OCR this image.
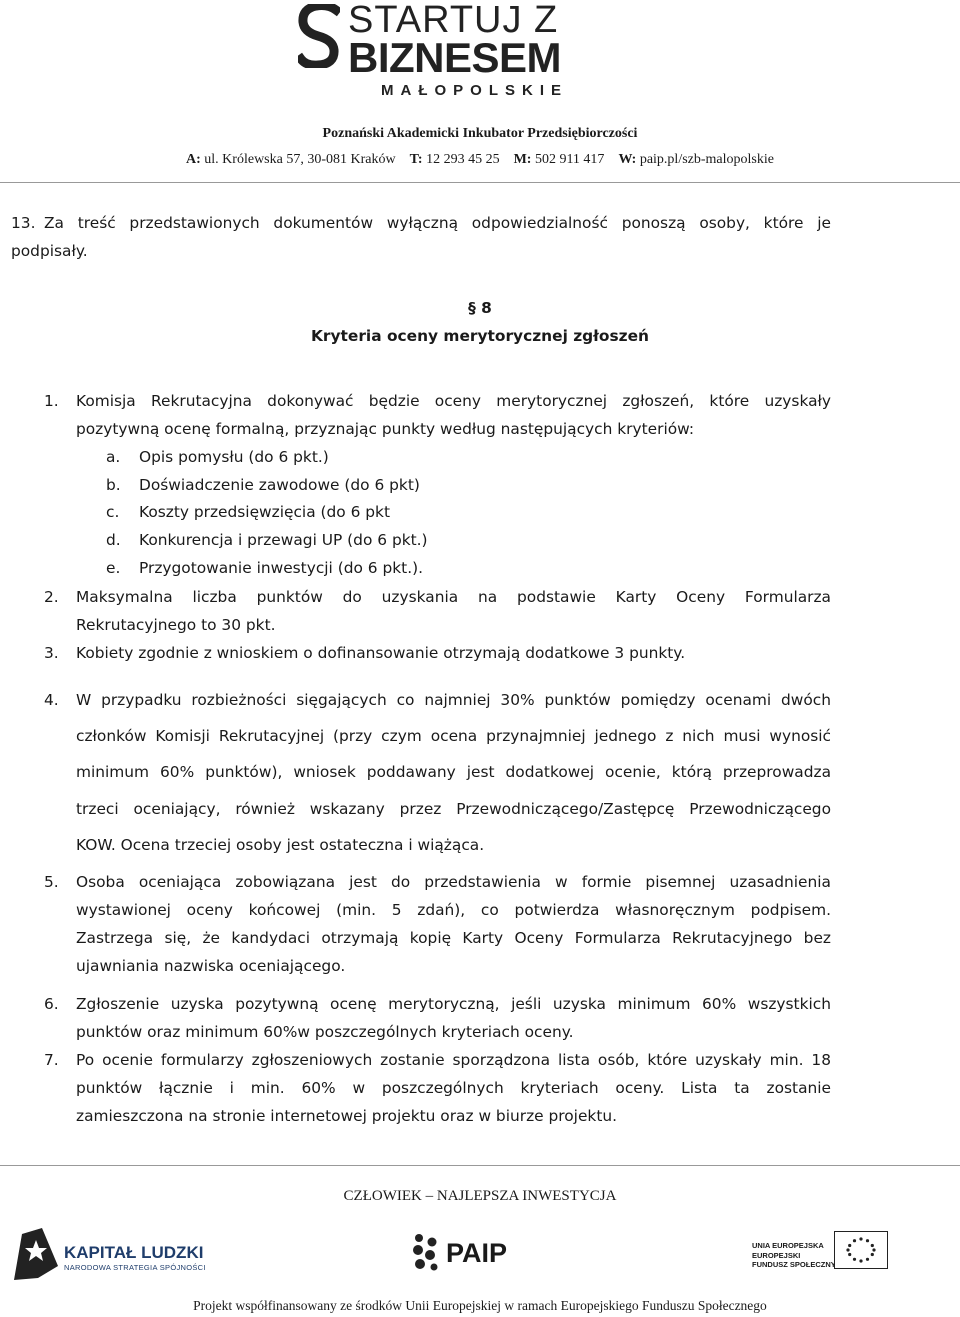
STARTUJ Z
BIZNESEM
MAŁOPOLSKIE
Poznański Akademicki Inkubator Przedsiębiorczości
A: ul. Królewska 57, 30-081 Kraków T: 12 293 45 25 M: 502 911 417 W: paip.pl/szb-malopolskie
13. Za treść przedstawionych dokumentów wyłączną odpowiedzialność ponoszą osoby, które je
podpisały.
§ 8
Kryteria oceny merytorycznej zgłoszeń
1. Komisja Rekrutacyjna dokonywać będzie oceny merytorycznej zgłoszeń, które uzyskały
pozytywną ocenę formalną, przyznając punkty według następujących kryteriów:
a. Opis pomysłu (do 6 pkt.)
b. Doświadczenie zawodowe (do 6 pkt)
c. Koszty przedsięwzięcia (do 6 pkt
d. Konkurencja i przewagi UP (do 6 pkt.)
e. Przygotowanie inwestycji (do 6 pkt.).
2. Maksymalna liczba punktów do uzyskania na podstawie Karty Oceny Formularza
Rekrutacyjnego to 30 pkt.
3. Kobiety zgodnie z wnioskiem o dofinansowanie otrzymają dodatkowe 3 punkty.
4. W przypadku rozbieżności sięgających co najmniej 30% punktów pomiędzy ocenami dwóch
członków Komisji Rekrutacyjnej (przy czym ocena przynajmniej jednego z nich musi wynosić
minimum 60% punktów), wniosek poddawany jest dodatkowej ocenie, którą przeprowadza
trzeci oceniający, również wskazany przez Przewodniczącego/Zastępcę Przewodniczącego
KOW. Ocena trzeciej osoby jest ostateczna i wiążąca.
5. Osoba oceniająca zobowiązana jest do przedstawienia w formie pisemnej uzasadnienia
wystawionej oceny końcowej (min. 5 zdań), co potwierdza własnoręcznym podpisem.
Zastrzega się, że kandydaci otrzymają kopię Karty Oceny Formularza Rekrutacyjnego bez
ujawniania nazwiska oceniającego.
6. Zgłoszenie uzyska pozytywną ocenę merytoryczną, jeśli uzyska minimum 60% wszystkich
punktów oraz minimum 60%w poszczególnych kryteriach oceny.
7. Po ocenie formularzy zgłoszeniowych zostanie sporządzona lista osób, które uzyskały min. 18
punktów łącznie i min. 60% w poszczególnych kryteriach oceny. Lista ta zostanie
zamieszczona na stronie internetowej projektu oraz w biurze projektu.
CZŁOWIEK – NAJLEPSZA INWESTYCJA
KAPITAŁ LUDZKI
NARODOWA STRATEGIA SPÓJNOŚCI	PAIP	UNIA EUROPEJSKA
EUROPEJSKI
FUNDUSZ SPOŁECZNY
Projekt współfinansowany ze środków Unii Europejskiej w ramach Europejskiego Funduszu Społecznego
